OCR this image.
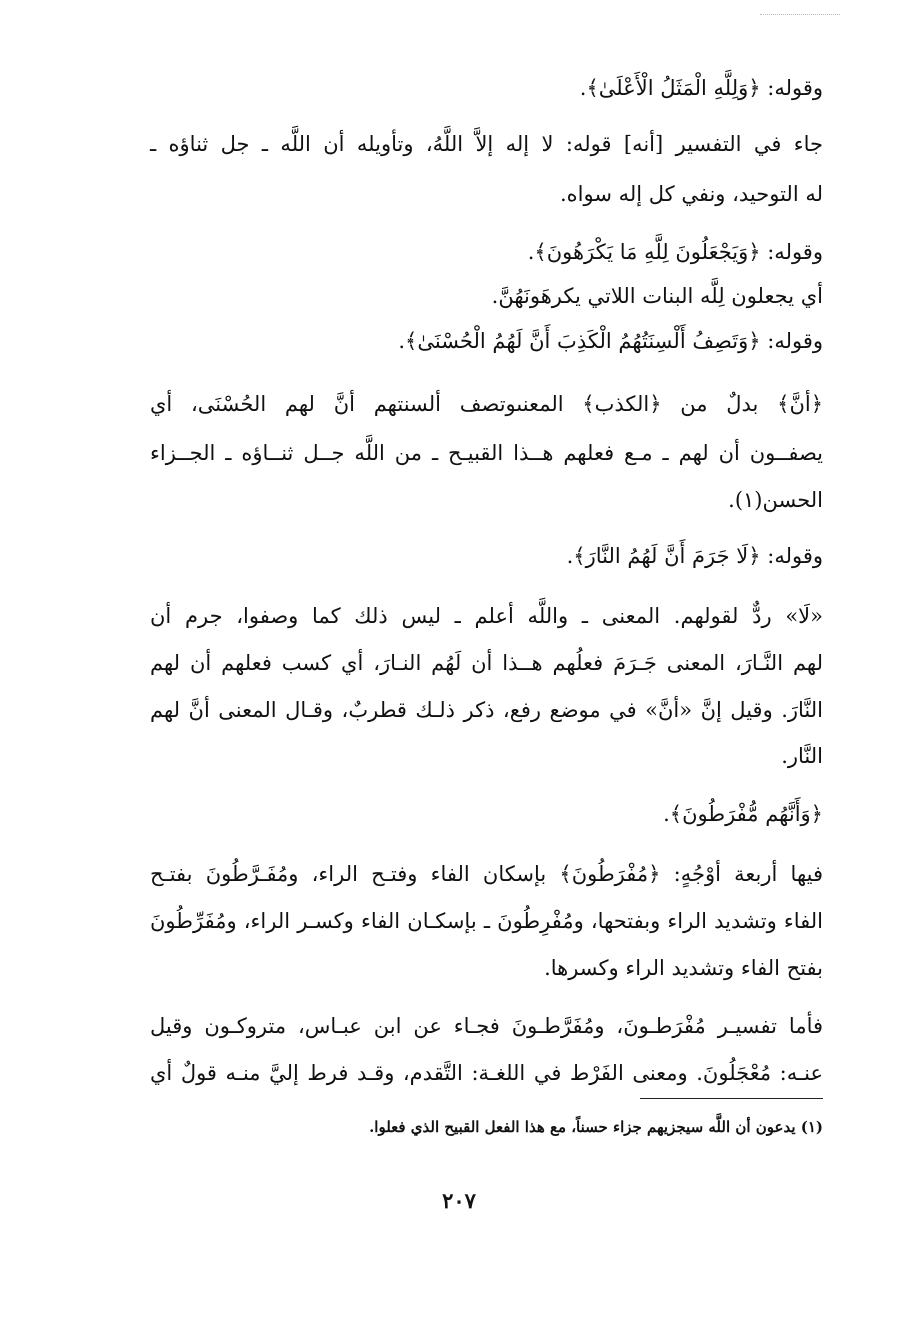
وقوله: ﴿وَلِلَّهِ الْمَثَلُ الْأَعْلَىٰ﴾.
جاء في التفسير [أنه] قوله: لا إله إلاَّ اللَّهُ، وتأويله أن اللَّه ـ جل ثناؤه ـ
له التوحيد، ونفي كل إله سواه.
وقوله: ﴿وَيَجْعَلُونَ لِلَّهِ مَا يَكْرَهُونَ﴾.
أي يجعلون لِلَّه البنات اللاتي يكرهَونَهُنَّ.
وقوله: ﴿وَتَصِفُ أَلْسِنَتُهُمُ الْكَذِبَ أَنَّ لَهُمُ الْحُسْنَىٰ﴾.
﴿أنَّ﴾ بدلٌ من ﴿الكذب﴾ المعنىوتصف ألسنتهم أنَّ لهم الحُسْنَى، أي
يصفــون أن لهم ـ مـع فعلهم هــذا القبيـح ـ من اللَّه جــل ثنــاؤه ـ الجــزاء
الحسن(١).
وقوله: ﴿لَا جَرَمَ أَنَّ لَهُمُ النَّارَ﴾.
«لَا» ردٌّ لقولهم. المعنى ـ واللَّه أعلم ـ ليس ذلك كما وصفوا، جرم أن
لهم النَّـارَ، المعنى جَـرَمَ فعلُهم هــذا أن لَهُم النـارَ، أي كسب فعلهم أن لهم
النَّارَ. وقيل إنَّ «أنَّ» في موضع رفع، ذكر ذلـك قطربٌ، وقـال المعنى أنَّ لهم
النَّار.
﴿وَأَنَّهُم مُّفْرَطُونَ﴾.
فيها أربعة أوْجُهٍ: ﴿مُفْرَطُونَ﴾ بإسكان الفاء وفتـح الراء، ومُفَـرَّطُونَ بفتـح
الفاء وتشديد الراء وبفتحها، ومُفْرِطُونَ ـ بإسكـان الفاء وكسـر الراء، ومُفَرِّطُونَ
بفتح الفاء وتشديد الراء وكسرها.
فأما تفسيـر مُفْرَطـونَ، ومُفَرَّطـونَ فجـاء عن ابن عبـاس، متروكـون وقيل
عنـه: مُعْجَلُونَ. ومعنى الفَرْط في اللغـة: التَّقدم، وقـد فرط إليَّ منـه قولٌ أي
(١) يدعون أن اللَّه سيجزيهم جزاء حسناً، مع هذا الفعل القبيح الذي فعلوا.
٢٠٧
